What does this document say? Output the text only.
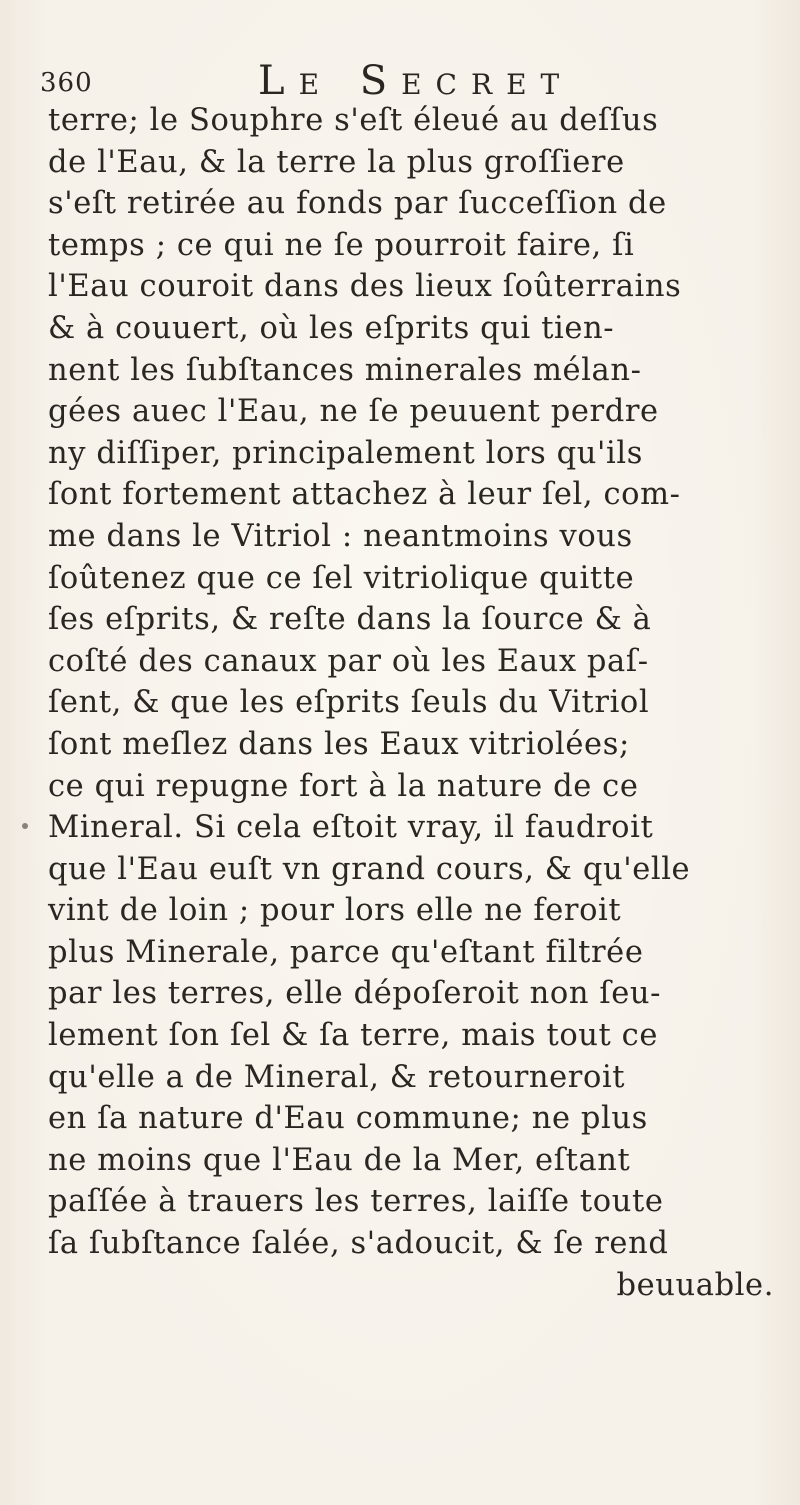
360	Le Secret
terre; le Souphre s'eſt éleué au deſſus
de l'Eau, & la terre la plus groſſiere
s'eſt retirée au fonds par ſucceſſion de
temps ; ce qui ne ſe pourroit faire, ſi
l'Eau couroit dans des lieux ſoûterrains
& à couuert, où les eſprits qui tien-
nent les ſubſtances minerales mélan-
gées auec l'Eau, ne ſe peuuent perdre
ny diſſiper, principalement lors qu'ils
ſont fortement attachez à leur ſel, com-
me dans le Vitriol : neantmoins vous
ſoûtenez que ce ſel vitriolique quitte
ſes eſprits, & reſte dans la ſource & à
coſté des canaux par où les Eaux paſ-
ſent, & que les eſprits ſeuls du Vitriol
ſont meſlez dans les Eaux vitriolées;
ce qui repugne fort à la nature de ce
Mineral. Si cela eſtoit vray, il faudroit
que l'Eau euſt vn grand cours, & qu'elle
vint de loin ; pour lors elle ne feroit
plus Minerale, parce qu'eſtant filtrée
par les terres, elle dépoſeroit non ſeu-
lement ſon ſel & ſa terre, mais tout ce
qu'elle a de Mineral, & retourneroit
en ſa nature d'Eau commune; ne plus
ne moins que l'Eau de la Mer, eſtant
paſſée à trauers les terres, laiſſe toute
ſa ſubſtance ſalée, s'adoucit, & ſe rend
beuuable.
